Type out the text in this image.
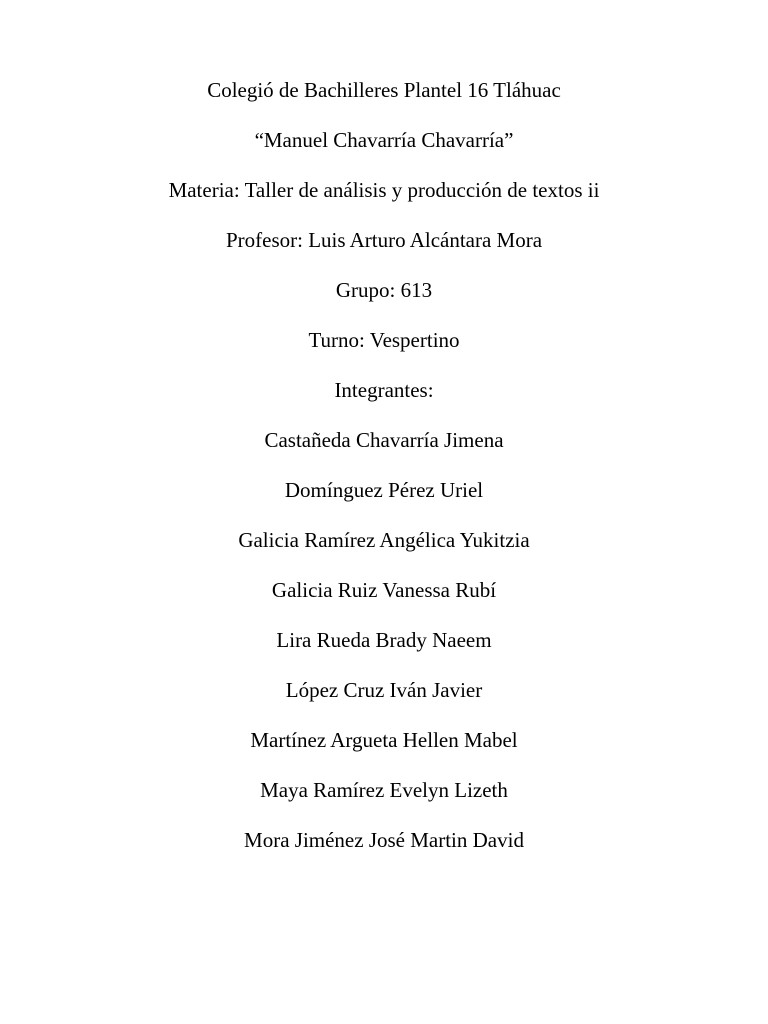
Colegió de Bachilleres Plantel 16 Tláhuac
“Manuel Chavarría Chavarría”
Materia: Taller de análisis y producción de textos ii
Profesor: Luis Arturo Alcántara Mora
Grupo: 613
Turno: Vespertino
Integrantes:
Castañeda Chavarría Jimena
Domínguez Pérez Uriel
Galicia Ramírez Angélica Yukitzia
Galicia Ruiz Vanessa Rubí
Lira Rueda Brady Naeem
López Cruz Iván Javier
Martínez Argueta Hellen Mabel
Maya Ramírez Evelyn Lizeth
Mora Jiménez José Martin David
